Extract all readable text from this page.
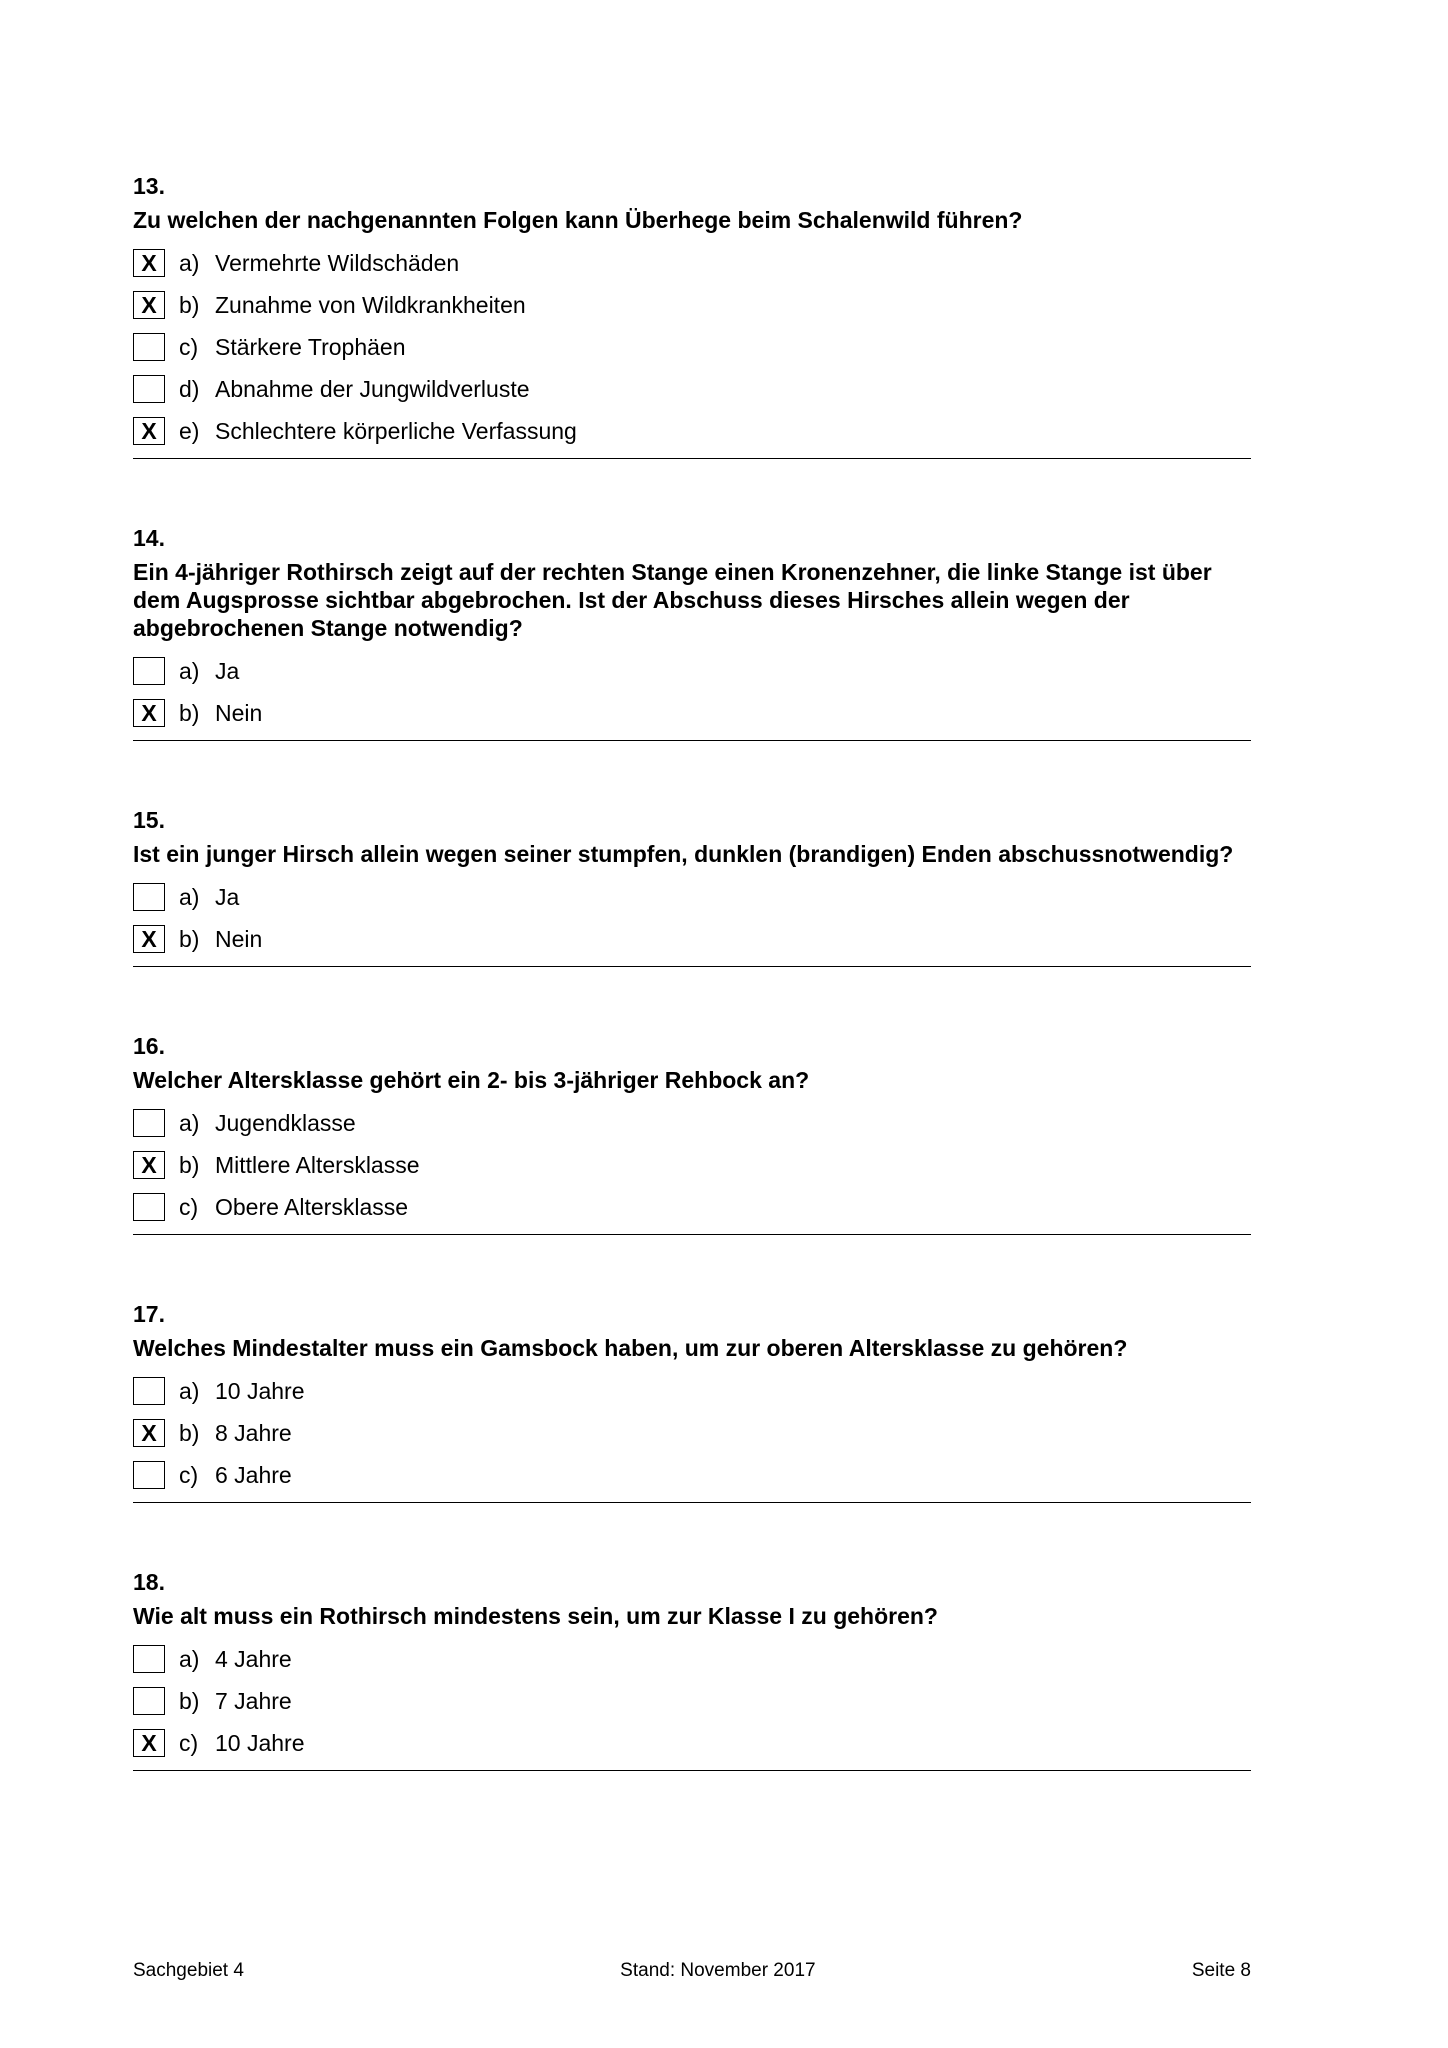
13.
Zu welchen der nachgenannten Folgen kann Überhege beim Schalenwild führen?
X a) Vermehrte Wildschäden
X b) Zunahme von Wildkrankheiten
c) Stärkere Trophäen
d) Abnahme der Jungwildverluste
X e) Schlechtere körperliche Verfassung
14.
Ein 4-jähriger Rothirsch zeigt auf der rechten Stange einen Kronenzehner, die linke Stange ist über dem Augsprosse sichtbar abgebrochen. Ist der Abschuss dieses Hirsches allein wegen der abgebrochenen Stange notwendig?
a) Ja
X b) Nein
15.
Ist ein junger Hirsch allein wegen seiner stumpfen, dunklen (brandigen) Enden abschussnotwendig?
a) Ja
X b) Nein
16.
Welcher Altersklasse gehört ein 2- bis 3-jähriger Rehbock an?
a) Jugendklasse
X b) Mittlere Altersklasse
c) Obere Altersklasse
17.
Welches Mindestalter muss ein Gamsbock haben, um zur oberen Altersklasse zu gehören?
a) 10 Jahre
X b) 8 Jahre
c) 6 Jahre
18.
Wie alt muss ein Rothirsch mindestens sein, um zur Klasse I zu gehören?
a) 4 Jahre
b) 7 Jahre
X c) 10 Jahre
Sachgebiet 4	Stand: November 2017	Seite 8
